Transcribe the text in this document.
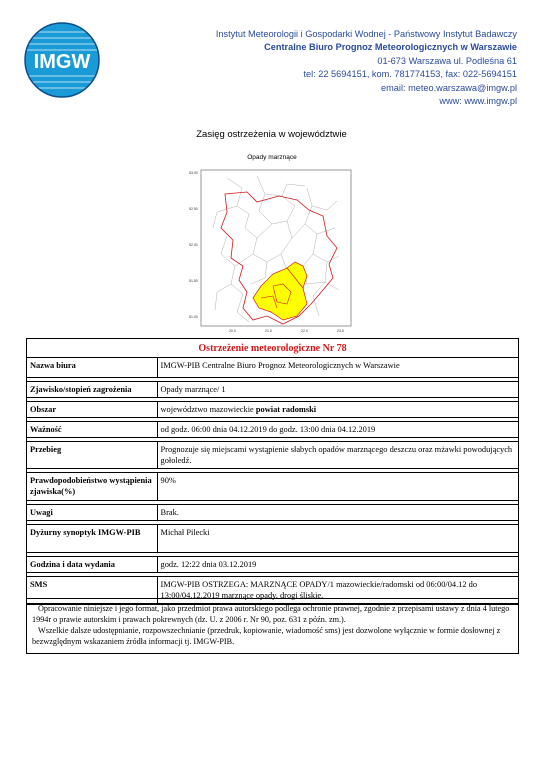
IMGW
Instytut Meteorologii i Gospodarki Wodnej - Państwowy Instytut Badawczy
Centralne Biuro Prognoz Meteorologicznych w Warszawie
01-673 Warszawa ul. Podleśna 61
tel: 22 5694151, kom. 781774153, fax: 022-5694151
email: meteo.warszawa@imgw.pl
www: www.imgw.pl
Zasięg ostrzeżenia w województwie
Opady marznące
53.00
52.50
52.00
51.50
51.00
20.0	21.0	22.0	23.0
Ostrzeżenie meteorologiczne Nr 78
Nazwa biura	IMGW-PIB Centralne Biuro Prognoz Meteorologicznych w Warszawie

Zjawisko/stopień zagrożenia	Opady marznące/ 1

Obszar	województwo mazowieckie powiat radomski

Ważność	od godz. 06:00 dnia 04.12.2019 do godz. 13:00 dnia 04.12.2019

Przebieg	Prognozuje się miejscami wystąpienie słabych opadów marznącego deszczu oraz mżawki powodujących gołoledź.

Prawdopodobieństwo wystąpienia zjawiska(%)	90%

Uwagi	Brak.

Dyżurny synoptyk IMGW-PIB	Michał Pilecki

Godzina i data wydania	godz. 12:22 dnia 03.12.2019

SMS	IMGW-PIB OSTRZEGA: MARZNĄCE OPADY/1 mazowieckie/radomski od 06:00/04.12 do 13:00/04.12.2019 marznące opady, drogi śliskie.

Opracowanie niniejsze i jego format, jako przedmiot prawa autorskiego podlega ochronie prawnej, zgodnie z przepisami ustawy z dnia 4 lutego 1994r o prawie autorskim i prawach pokrewnych (dz. U. z 2006 r. Nr 90, poz. 631 z późn. zm.).

Wszelkie dalsze udostępnianie, rozpowszechnianie (przedruk, kopiowanie, wiadomość sms) jest dozwolone wyłącznie w formie dosłownej z bezwzględnym wskazaniem źródła informacji tj. IMGW-PIB.
